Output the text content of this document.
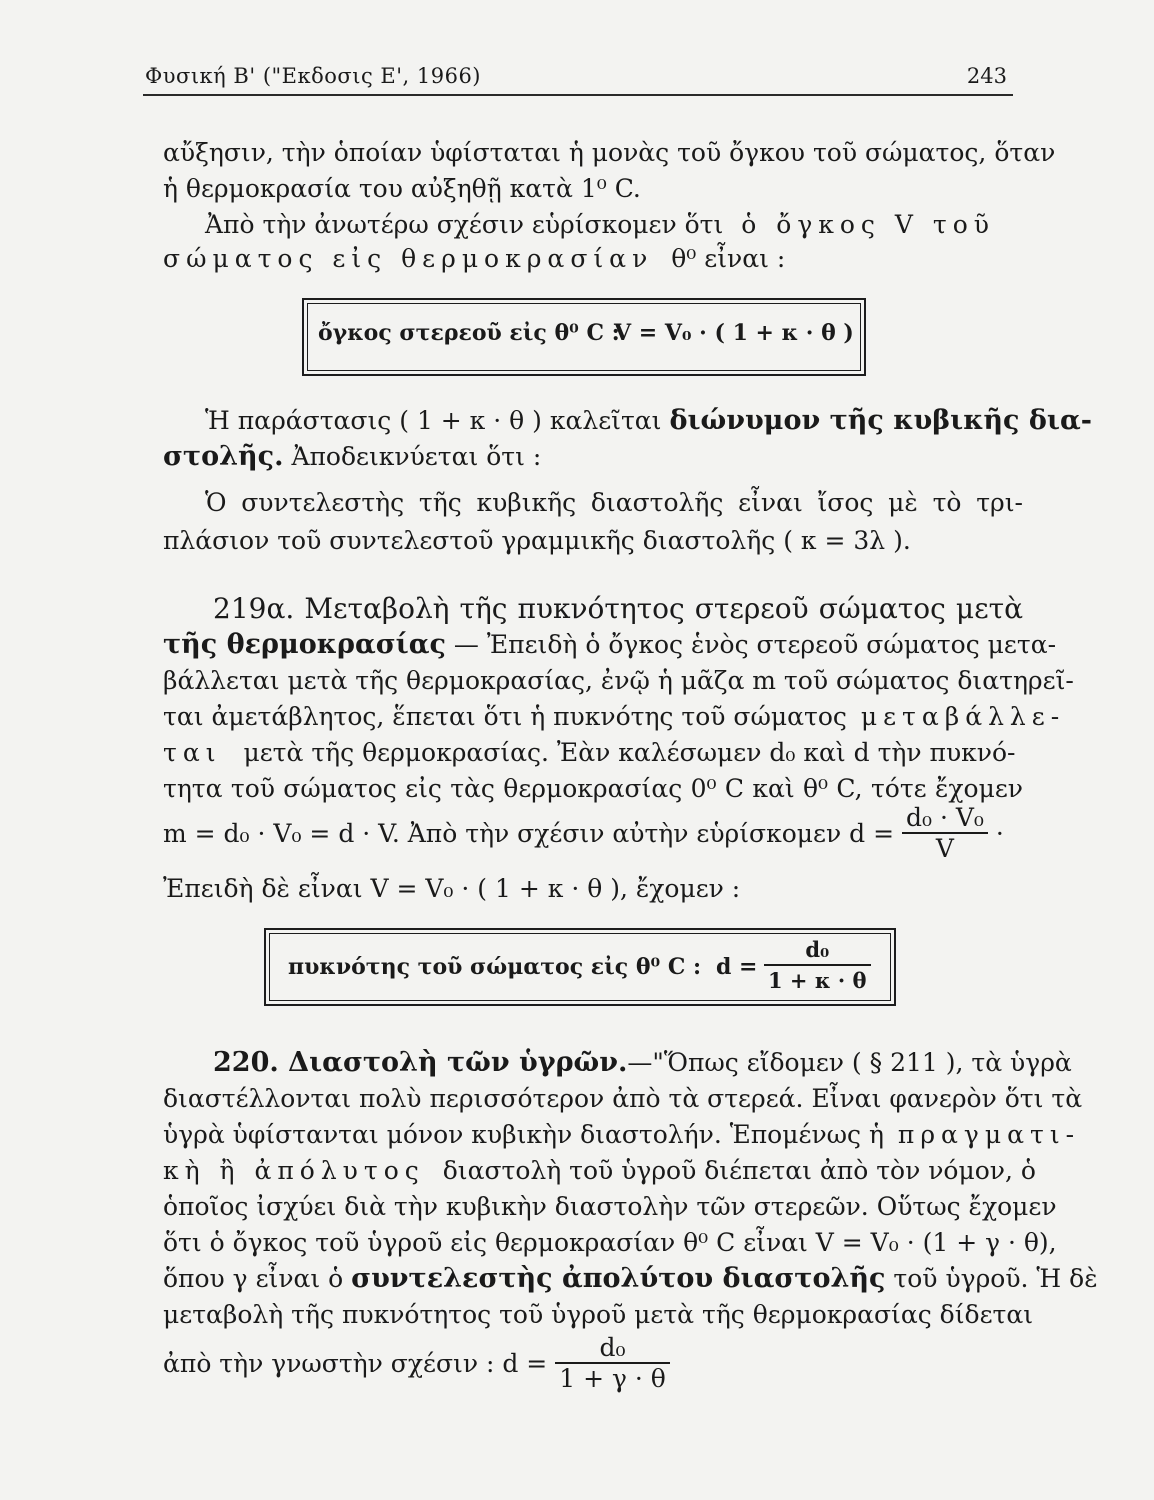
Φυσική Β' ("Εκδοσις Ε', 1966)	243
αὔξησιν, τὴν ὁποίαν ὑφίσταται ἡ μονὰς τοῦ ὄγκου τοῦ σώματος, ὅταν
ἡ θερμοκρασία του αὐξηθῇ κατὰ 1⁰ C.
Ἀπὸ τὴν ἀνωτέρω σχέσιν εὑρίσκομεν ὅτι ὁ ὄγκος V τοῦ
σώματος εἰς θερμοκρασίαν θ⁰ εἶναι :
ὄγκος στερεοῦ εἰς θ⁰ C :
V = V₀ · ( 1 + κ · θ )
Ἡ παράστασις ( 1 + κ · θ ) καλεῖται διώνυμον τῆς κυβικῆς δια-
στολῆς. Ἀποδεικνύεται ὅτι :
Ὁ συντελεστὴς τῆς κυβικῆς διαστολῆς εἶναι ἴσος μὲ τὸ τρι-
πλάσιον τοῦ συντελεστοῦ γραμμικῆς διαστολῆς ( κ = 3λ ).
219α. Μεταβολὴ τῆς πυκνότητος στερεοῦ σώματος μετὰ
τῆς θερμοκρασίας — Ἐπειδὴ ὁ ὄγκος ἑνὸς στερεοῦ σώματος μετα-
βάλλεται μετὰ τῆς θερμοκρασίας, ἐνῷ ἡ μᾶζα m τοῦ σώματος διατηρεῖ-
ται ἀμετάβλητος, ἕπεται ὅτι ἡ πυκνότης τοῦ σώματος μεταβάλλε-
ται μετὰ τῆς θερμοκρασίας. Ἐὰν καλέσωμεν d₀ καὶ d τὴν πυκνό-
τητα τοῦ σώματος εἰς τὰς θερμοκρασίας 0⁰ C καὶ θ⁰ C, τότε ἔχομεν
m = d₀ · V₀ = d · V. Ἀπὸ τὴν σχέσιν αὐτὴν εὑρίσκομεν $d = \frac{\text{d₀ · V₀}}{V}$ ·
Ἐπειδὴ δὲ εἶναι V = V₀ · ( 1 + κ · θ ), ἔχομεν :
πυκνότης τοῦ σώματος εἰς θ⁰ C : $d = \frac{\text{d₀}}{1 + \kappa \cdot \theta}$
220. Διαστολὴ τῶν ὑγρῶν.—"Ὅπως εἴδομεν ( § 211 ), τὰ ὑγρὰ
διαστέλλονται πολὺ περισσότερον ἀπὸ τὰ στερεά. Εἶναι φανερὸν ὅτι τὰ
ὑγρὰ ὑφίστανται μόνον κυβικὴν διαστολήν. Ἑπομένως ἡ πραγματι-
κὴ ἢ ἀπόλυτος διαστολὴ τοῦ ὑγροῦ διέπεται ἀπὸ τὸν νόμον, ὁ
ὁποῖος ἰσχύει διὰ τὴν κυβικὴν διαστολὴν τῶν στερεῶν. Οὕτως ἔχομεν
ὅτι ὁ ὄγκος τοῦ ὑγροῦ εἰς θερμοκρασίαν θ⁰ C εἶναι V = V₀ · (1 + γ · θ),
ὅπου γ εἶναι ὁ συντελεστὴς ἀπολύτου διαστολῆς τοῦ ὑγροῦ. Ἡ δὲ
μεταβολὴ τῆς πυκνότητος τοῦ ὑγροῦ μετὰ τῆς θερμοκρασίας δίδεται
ἀπὸ τὴν γνωστὴν σχέσιν : $d = \frac{\text{d₀}}{1 + \gamma \cdot \theta}$
